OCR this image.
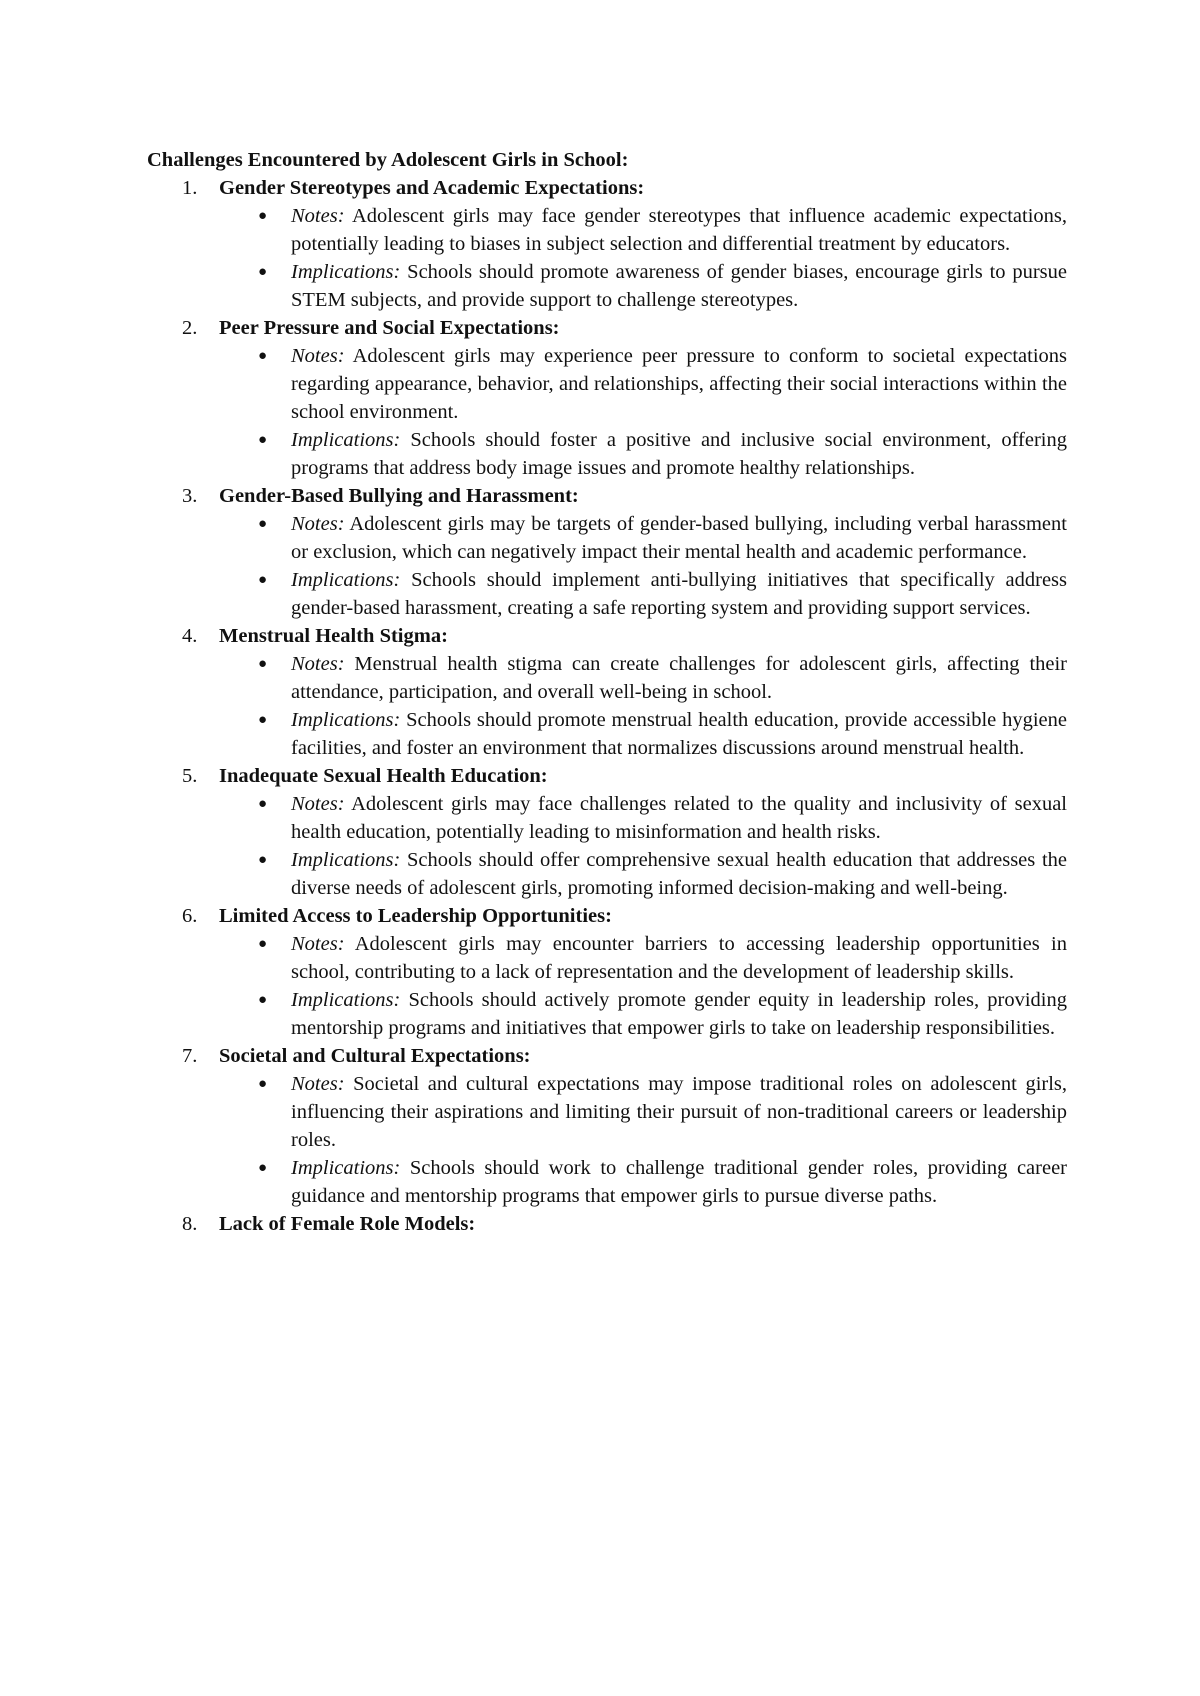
Challenges Encountered by Adolescent Girls in School:

1. Gender Stereotypes and Academic Expectations:
● Notes: Adolescent girls may face gender stereotypes that influence academic expectations, potentially leading to biases in subject selection and differential treatment by educators.
● Implications: Schools should promote awareness of gender biases, encourage girls to pursue STEM subjects, and provide support to challenge stereotypes.
2. Peer Pressure and Social Expectations:
● Notes: Adolescent girls may experience peer pressure to conform to societal expectations regarding appearance, behavior, and relationships, affecting their social interactions within the school environment.
● Implications: Schools should foster a positive and inclusive social environment, offering programs that address body image issues and promote healthy relationships.
3. Gender-Based Bullying and Harassment:
● Notes: Adolescent girls may be targets of gender-based bullying, including verbal harassment or exclusion, which can negatively impact their mental health and academic performance.
● Implications: Schools should implement anti-bullying initiatives that specifically address gender-based harassment, creating a safe reporting system and providing support services.
4. Menstrual Health Stigma:
● Notes: Menstrual health stigma can create challenges for adolescent girls, affecting their attendance, participation, and overall well-being in school.
● Implications: Schools should promote menstrual health education, provide accessible hygiene facilities, and foster an environment that normalizes discussions around menstrual health.
5. Inadequate Sexual Health Education:
● Notes: Adolescent girls may face challenges related to the quality and inclusivity of sexual health education, potentially leading to misinformation and health risks.
● Implications: Schools should offer comprehensive sexual health education that addresses the diverse needs of adolescent girls, promoting informed decision-making and well-being.
6. Limited Access to Leadership Opportunities:
● Notes: Adolescent girls may encounter barriers to accessing leadership opportunities in school, contributing to a lack of representation and the development of leadership skills.
● Implications: Schools should actively promote gender equity in leadership roles, providing mentorship programs and initiatives that empower girls to take on leadership responsibilities.
7. Societal and Cultural Expectations:
● Notes: Societal and cultural expectations may impose traditional roles on adolescent girls, influencing their aspirations and limiting their pursuit of non-traditional careers or leadership roles.
● Implications: Schools should work to challenge traditional gender roles, providing career guidance and mentorship programs that empower girls to pursue diverse paths.
8. Lack of Female Role Models:
